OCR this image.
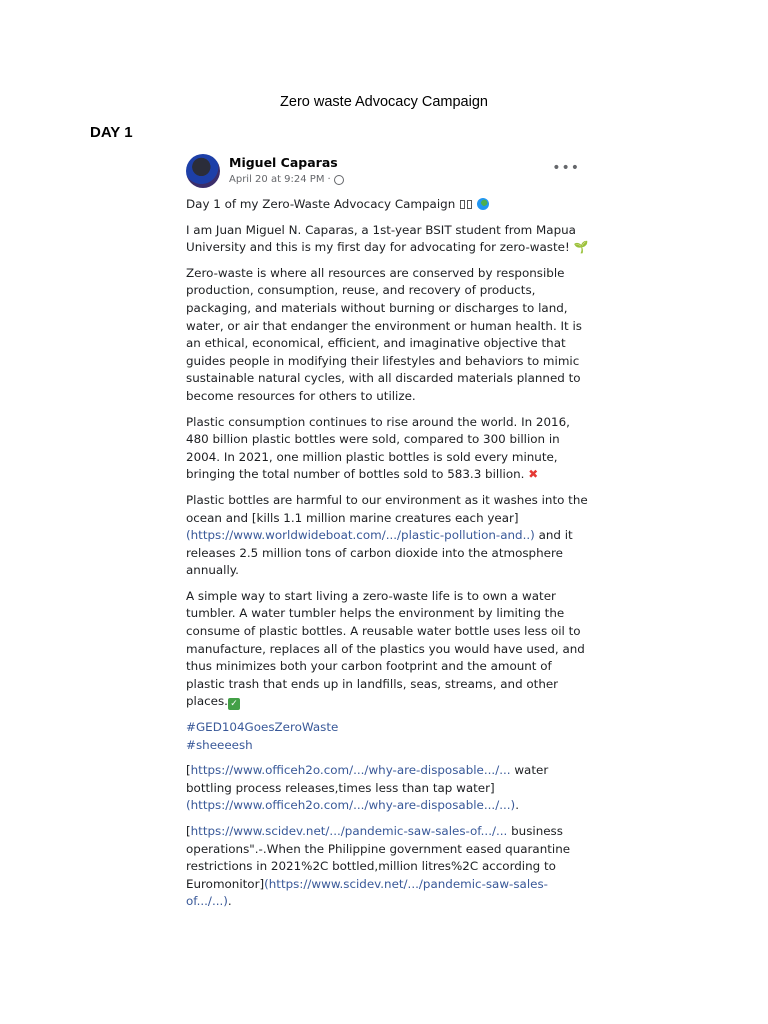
Zero waste Advocacy Campaign
DAY 1
Miguel Caparas
April 20 at 9:24 PM ·
•••

Day 1 of my Zero-Waste Advocacy Campaign

I am Juan Miguel N. Caparas, a 1st-year BSIT student from Mapua University and this is my first day for advocating for zero-waste! 🌱

Zero-waste is where all resources are conserved by responsible production, consumption, reuse, and recovery of products, packaging, and materials without burning or discharges to land, water, or air that endanger the environment or human health. It is an ethical, economical, efficient, and imaginative objective that guides people in modifying their lifestyles and behaviors to mimic sustainable natural cycles, with all discarded materials planned to become resources for others to utilize.

Plastic consumption continues to rise around the world. In 2016, 480 billion plastic bottles were sold, compared to 300 billion in 2004. In 2021, one million plastic bottles is sold every minute, bringing the total number of bottles sold to 583.3 billion. ✖

Plastic bottles are harmful to our environment as it washes into the ocean and [kills 1.1 million marine creatures each year] (https://www.worldwideboat.com/.../plastic-pollution-and..) and it releases 2.5 million tons of carbon dioxide into the atmosphere annually.

A simple way to start living a zero-waste life is to own a water tumbler. A water tumbler helps the environment by limiting the consume of plastic bottles. A reusable water bottle uses less oil to manufacture, replaces all of the plastics you would have used, and thus minimizes both your carbon footprint and the amount of plastic trash that ends up in landfills, seas, streams, and other places. ✓

#GED104GoesZeroWaste
#sheeeesh

[https://www.officeh2o.com/.../why-are-disposable.../... water bottling process releases,times less than tap water] (https://www.officeh2o.com/.../why-are-disposable.../...).

[https://www.scidev.net/.../pandemic-saw-sales-of.../... business operations".-.When the Philippine government eased quarantine restrictions in 2021%2C bottled,million litres%2C according to Euromonitor](https://www.scidev.net/.../pandemic-saw-sales-of.../...).
